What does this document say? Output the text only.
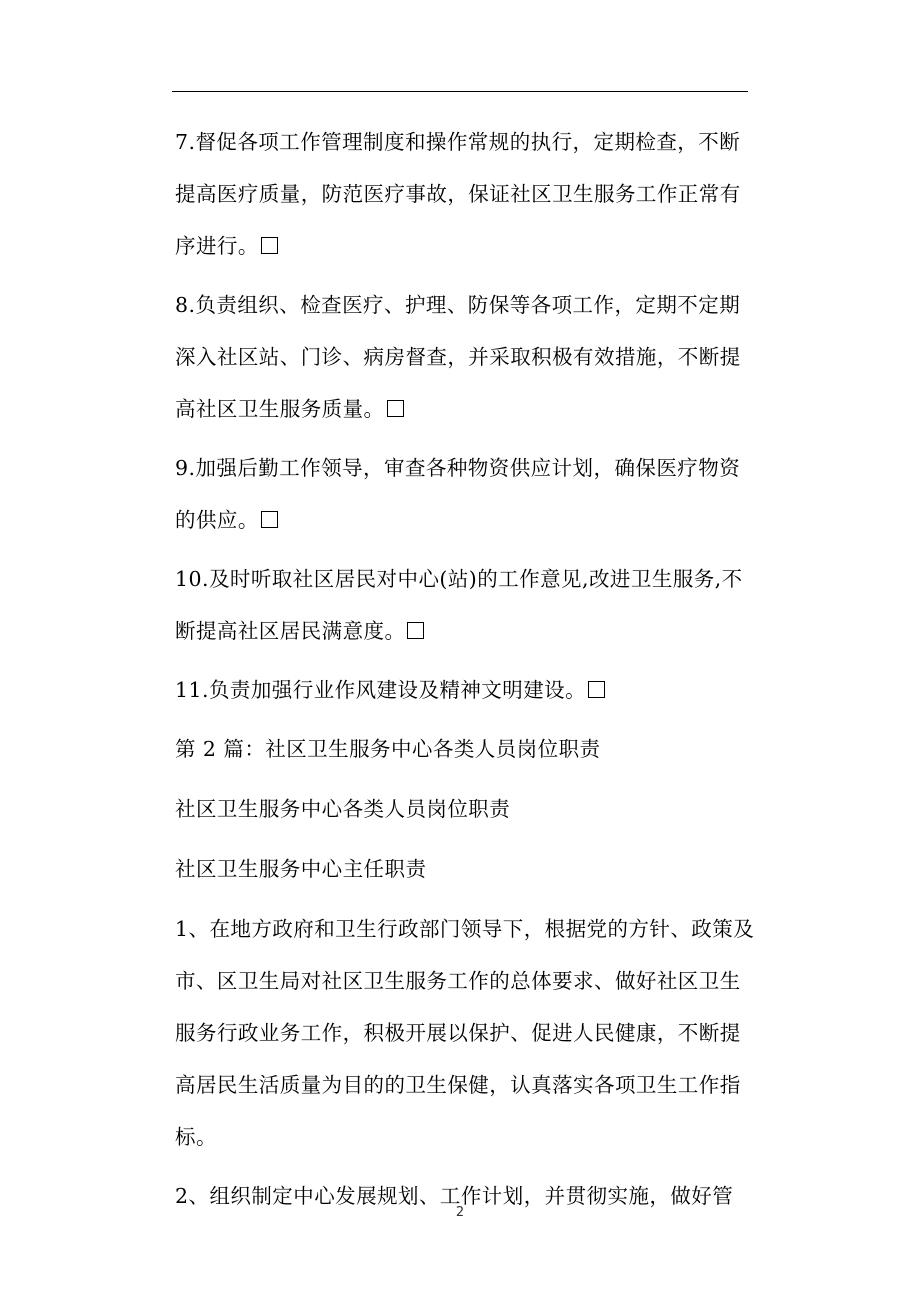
7.督促各项工作管理制度和操作常规的执行，定期检查，不断提高医疗质量，防范医疗事故，保证社区卫生服务工作正常有序进行。

8.负责组织、检查医疗、护理、防保等各项工作，定期不定期深入社区站、门诊、病房督查，并采取积极有效措施，不断提高社区卫生服务质量。

9.加强后勤工作领导，审查各种物资供应计划，确保医疗物资的供应。

10.及时听取社区居民对中心(站)的工作意见,改进卫生服务,不断提高社区居民满意度。

11.负责加强行业作风建设及精神文明建设。

第 2 篇：社区卫生服务中心各类人员岗位职责

社区卫生服务中心各类人员岗位职责

社区卫生服务中心主任职责

1、在地方政府和卫生行政部门领导下，根据党的方针、政策及市、区卫生局对社区卫生服务工作的总体要求、做好社区卫生服务行政业务工作，积极开展以保护、促进人民健康，不断提高居民生活质量为目的的卫生保健，认真落实各项卫生工作指标。

2、组织制定中心发展规划、工作计划，并贯彻实施，做好管

2
